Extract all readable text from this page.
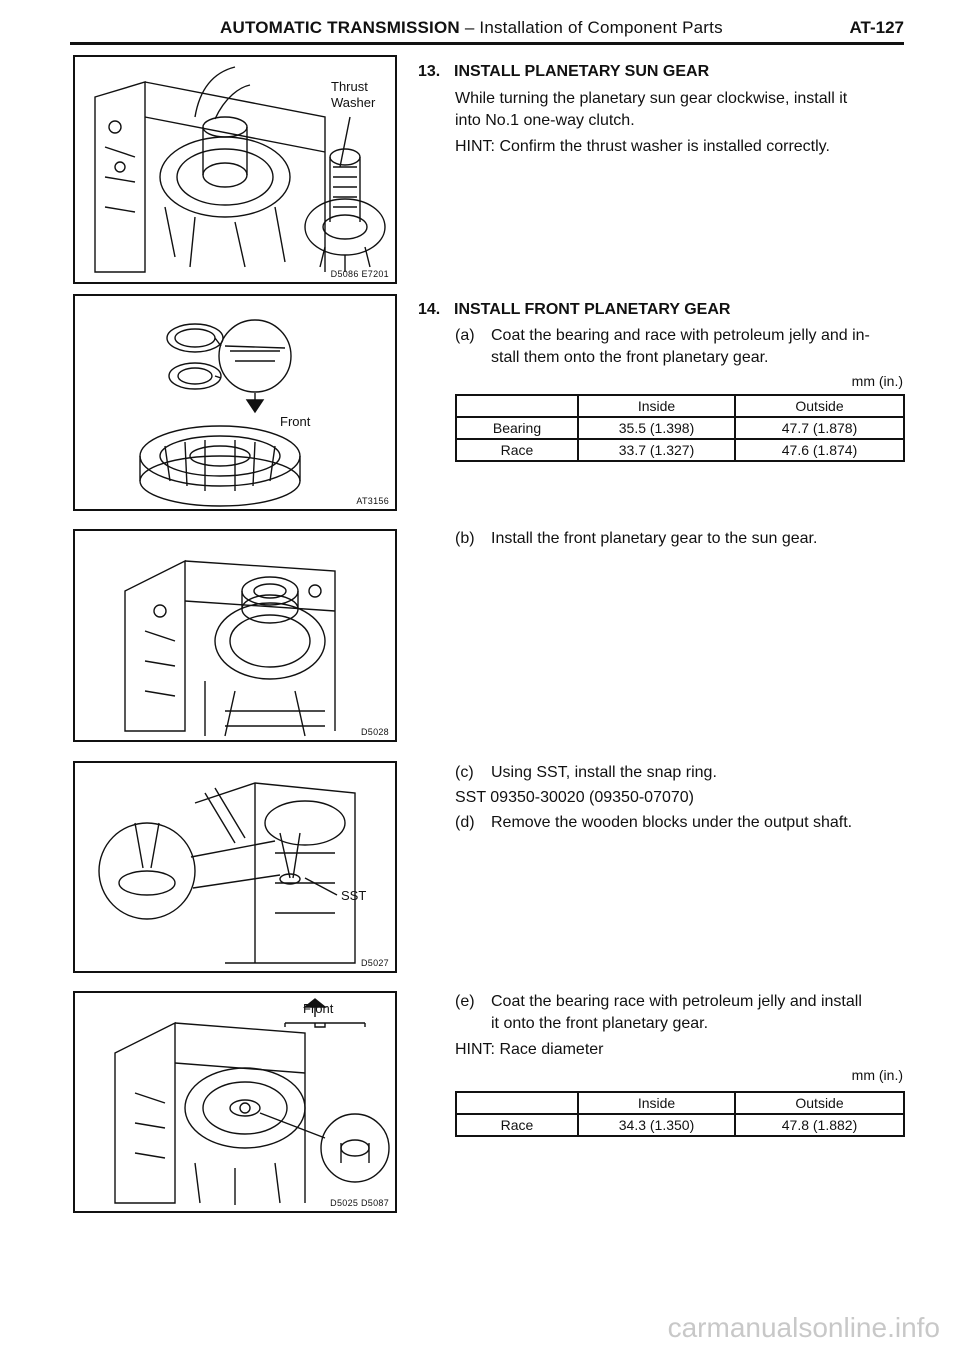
AUTOMATIC TRANSMISSION – Installation of Component Parts	AT-127
Thrust
Washer
D5086 E7201
Front
AT3156
D5028
SST
D5027
Front
D5025 D5087
13. INSTALL PLANETARY SUN GEAR
While turning the planetary sun gear clockwise, install it
into No.1 one-way clutch.
HINT: Confirm the thrust washer is installed correctly.
14. INSTALL FRONT PLANETARY GEAR
(a) Coat the bearing and race with petroleum jelly and in-
stall them onto the front planetary gear.
mm (in.)
	Inside	Outside
Bearing	35.5 (1.398)	47.7 (1.878)
Race	33.7 (1.327)	47.6 (1.874)
(b) Install the front planetary gear to the sun gear.
(c) Using SST, install the snap ring.
SST 09350-30020 (09350-07070)
(d) Remove the wooden blocks under the output shaft.
(e) Coat the bearing race with petroleum jelly and install
it onto the front planetary gear.
HINT: Race diameter
mm (in.)
	Inside	Outside
Race	34.3 (1.350)	47.8 (1.882)
carmanualsonline.info
